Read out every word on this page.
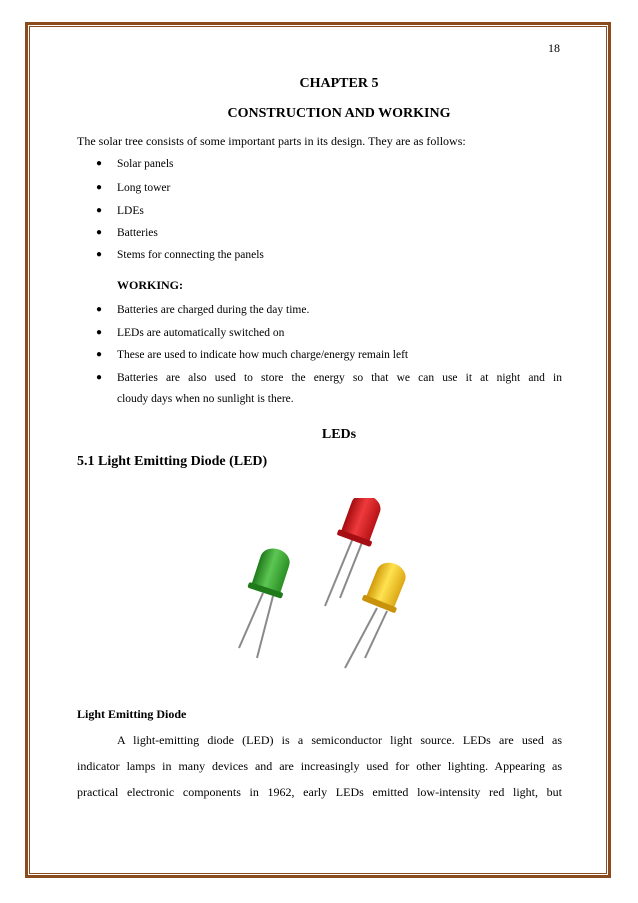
18
CHAPTER 5
CONSTRUCTION AND WORKING
The solar tree consists of some important parts in its design. They are as follows:
● Solar panels
● Long tower
● LDEs
● Batteries
● Stems for connecting the panels
WORKING:
● Batteries are charged during the day time.
● LEDs are automatically switched on
● These are used to indicate how much charge/energy remain left
● Batteries are also used to store the energy so that we can use it at night and in
cloudy days when no sunlight is there.
LEDs
5.1 Light Emitting Diode (LED)
Light Emitting Diode
A light-emitting diode (LED) is a semiconductor light source. LEDs are used as
indicator lamps in many devices and are increasingly used for other lighting. Appearing as
practical electronic components in 1962, early LEDs emitted low-intensity red light, but
